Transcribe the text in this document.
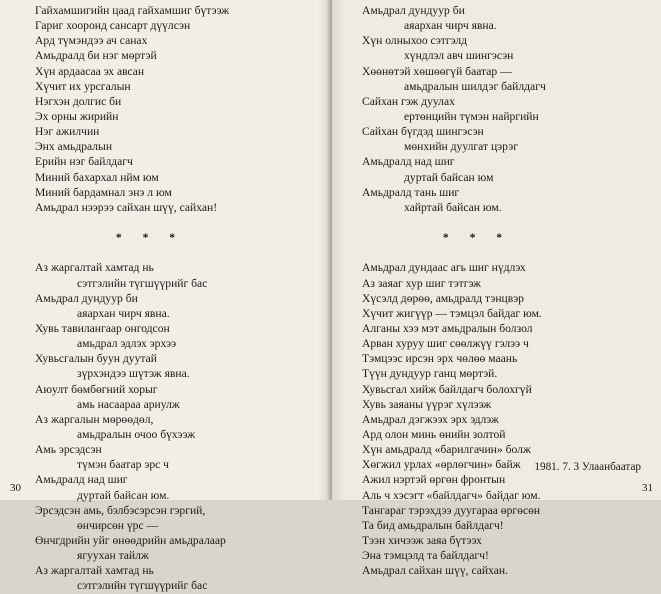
Гайхамшигийн цаад гайхамшиг бүтээж
Гариг хооронд сансарт дүүлсэн
Ард түмэндээ ач санах
Амьдралд би нэг мөртэй
Хүн ардаасаа эх авсан
Хүчит их урсгалын
Нэгхэн долгис би
Эх орны жирийн
Нэг ажилчин
Энх амьдралын
Ерийн нэг байлдагч
Миний бахархал нйм юм
Миний бардамнал энэ л юм
Амьдрал нээрээ сайхан шүү, сайхан!
* * *
Аз жаргалтай хамтад нь
сэтгэлийн түгшүүрийг бас
Амьдрал дундуур би
аяархан чирч явна.
Хувь тавилангаар онгодсон
амьдрал эдлэх эрхээ
Хувьсгалын буун дуутай
зүрхэндээ шүтэж явна.
Аюулт бөмбөгний хорыг
амь насаараа ариулж
Аз жаргалын мөрөөдөл,
амьдралын очоо бүхээж
Амь эрсэдсэн
түмэн баатар эрс ч
Амьдралд над шиг
дуртай байсан юм.
Эрсэдсэн амь, бэлбэсэрсэн гэргий,
өнчирсөн үрс —
Өнчгдрийн уйг өнөөдрийн амьдралаар
ягуухан тайлж
Аз жаргалтай хамтад нь
сэтгэлийн түгшүүрийг бас
30
Амьдрал дундуур би
аяархан чирч явна.
Хүн олныхоо сэтгэлд
хүндлэл авч шингэсэн
Хөөнөтэй хөшөөгүй баатар —
амьдралын шилдэг байлдагч
Сайхан гэж дуулах
ертөнцийн түмэн найргийн
Сайхан бүгдэд шингэсэн
мөнхийн дуулгат цэрэг
Амьдралд над шиг
дуртай байсан юм
Амьдралд тань шиг
хайртай байсан юм.
* * *
Амьдрал дундаас агь шиг нүдлэх
Аз заяаг хур шиг тэтгэж
Хүсэлд дөрөө, амьдралд тэнцвэр
Хүчит жигүүр — тэмцэл байдаг юм.
Алганы хээ мэт амьдралын болзол
Арван хуруу шиг сөөлжүү гэлээ ч
Тэмцээс ирсэн эрх чөлөө маань
Түүн дундуур ганц мөртэй.
Хувьсгал хийж байлдагч болохгүй
Хувь заяаны үүрэг хүлээж
Амьдрал дэгжээх эрх эдлэж
Ард олон минь өнийн золтой
Хүн амьдралд «барилгачин» болж
Хөгжил урлах «өрлөгчин» байж
Ажил нэртэй өргөн фронтын
Аль ч хэсэгт «байлдагч» байдаг юм.
Тангараг тэрэхдээ дуугараа өргөсөн
Та бид амьдралын байлдагч!
Тээн хичээж заяа бүтээх
Эна тэмцэлд та байлдагч!
Амьдрал сайхан шүү, сайхан.
1981. 7. 3 Улаанбаатар
31
